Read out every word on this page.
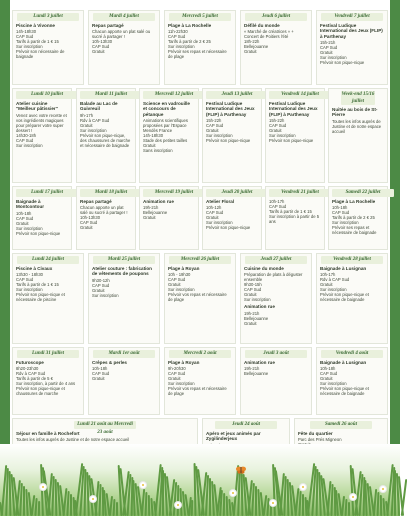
Lundi 3 juillet
Piscine à Vivonne
14h-18h30
CAP Sud
Tarifs à partir de 1 € 15
Sur inscription
Prévoir son nécessaire de baignade
Mardi 4 juillet
Repas partagé
Chacun apporte un plat salé ou sucré à partager !
10h-13h30
CAP Sud
Gratuit
Mercredi 5 juillet
Plage à La Rochelle
11h-22h30
CAP Sud
Tarifs à partir de 2 € 25
Sur inscription
Prévoir ses repas et nécessaire de plage
Jeudi 6 juillet
Défilé du monde
« Marché de créatrices » + Concert de Poitiers l'été
18h-22h
Bellejouanne
Gratuit
Vendredi 7 juillet
Festival Ludique International des Jeux (FLIP) à Parthenay
15h-21h
CAP Sud
Gratuit
Sur inscription
Prévoir son pique-nique
Lundi 10 juillet
Atelier cuisine "Meilleur pâtissier"
Venez avec votre recette et vos ingrédients magiques pour préparer votre super dessert !
14h30-18h
CAP Sud
Sur inscription
Mardi 11 juillet
Balade au Lac de Guivreuil
9h-17h
Rdv à CAP Sud
Gratuit
Sur inscription
Prévoir son pique-nique, des chaussures de marche et nécessaire de baignade
Mercredi 12 juillet
Science en vadrouille et concours de pétanque
Animations scientifiques proposées par l'Espace Mendès France
14h-18h30
Stade des petites tailles
Gratuit
Sans inscription
Jeudi 13 juillet
Festival Ludique International des Jeux (FLIP) à Parthenay
15h-22h
CAP Sud
Gratuit
Sur inscription
Prévoir son pique-nique
Vendredi 14 juillet
Festival Ludique International des Jeux (FLIP) à Parthenay
15h-22h
CAP Sud
Gratuit
Sur inscription
Prévoir son pique-nique
Week-end 15/16 juillet
Nuitée au bois de St-Pierre
Toutes les infos auprès de Justine et de notre espace accueil
Lundi 17 juillet
Baignade à Montcontour
10h-18h
CAP Sud
Gratuit
Sur inscription
Prévoir son pique-nique
Mardi 18 juillet
Repas partagé
Chacun apporte un plat salé ou sucré à partager !
10h-13h30
CAP Sud
Gratuit
Mercredi 19 juillet
Animation rue
19h-21h
Bellejouanne
Gratuit
Jeudi 20 juillet
Atelier Floral
10h-12h
CAP Sud
Gratuit
Sur inscription
Prévoir son pique-nique
Vendredi 21 juillet
10h-17h
CAP Sud
Tarifs à partir de 1 € 15
Sur inscription à partir de 5 ans
Samedi 22 juillet
Plage à La Rochelle
10h-18h
CAP Sud
Tarifs à partir de 2 € 25
Sur inscription
Prévoir ses repas et nécessaire de baignade
Lundi 24 juillet
Piscine à Civaux
13h30 - 18h30
CAP Sud
Tarifs à partir de 1 € 15
Sur inscription
Prévoir son pique-nique et nécessaire de piscine
Mardi 25 juillet
Atelier couture : fabrication de vêtements de poupons
9h30-12h
CAP Sud
Gratuit
Sur inscription
Mercredi 26 juillet
Plage à Royan
10h - 19h30
CAP Sud
Gratuit
Sur inscription
Prévoir vos repas et nécessaire de plage
Jeudi 27 juillet
Cuisine du monde
Préparation de plats à déguster ensemble
9h30-15h
CAP Sud
Gratuit
Sur inscription
Animation rue
19h-21h
Bellejouanne
Gratuit
Vendredi 28 juillet
Baignade à Lusignan
10h-17h
Rdv à CAP Sud
Gratuit
Sur inscription
Prévoir son pique-nique et nécessaire de baignade
Lundi 31 juillet
Futuroscope
8h20-23h30
Rdv à CAP Sud
Tarifs à partir de 5 €
Sur inscription, à partir de 4 ans
Prévoir son pique-nique et chaussures de marche
Mardi 1er août
Crêpes & perles
10h-18h
CAP Sud
Gratuit
Mercredi 2 août
Plage à Royan
9h-20h30
CAP Sud
Gratuit
Sur inscription
Prévoir vos repas et nécessaire de plage
Jeudi 3 août
Animation rue
19h-21h
Bellejouanne
Vendredi 4 août
Baignade à Lusignan
10h-18h
CAP Sud
Gratuit
Sur inscription
Prévoir son pique-nique et nécessaire de baignade
Lundi 21 août au Mercredi 23 août
Séjour en famille à Rochefort
Toutes les infos auprès de Justine et de notre espace accueil
Jeudi 24 août
Apéro et jeux animés par Zygilinderjeux
Samedi 26 août
Fête du quartier
Parc des Prés Migneon
